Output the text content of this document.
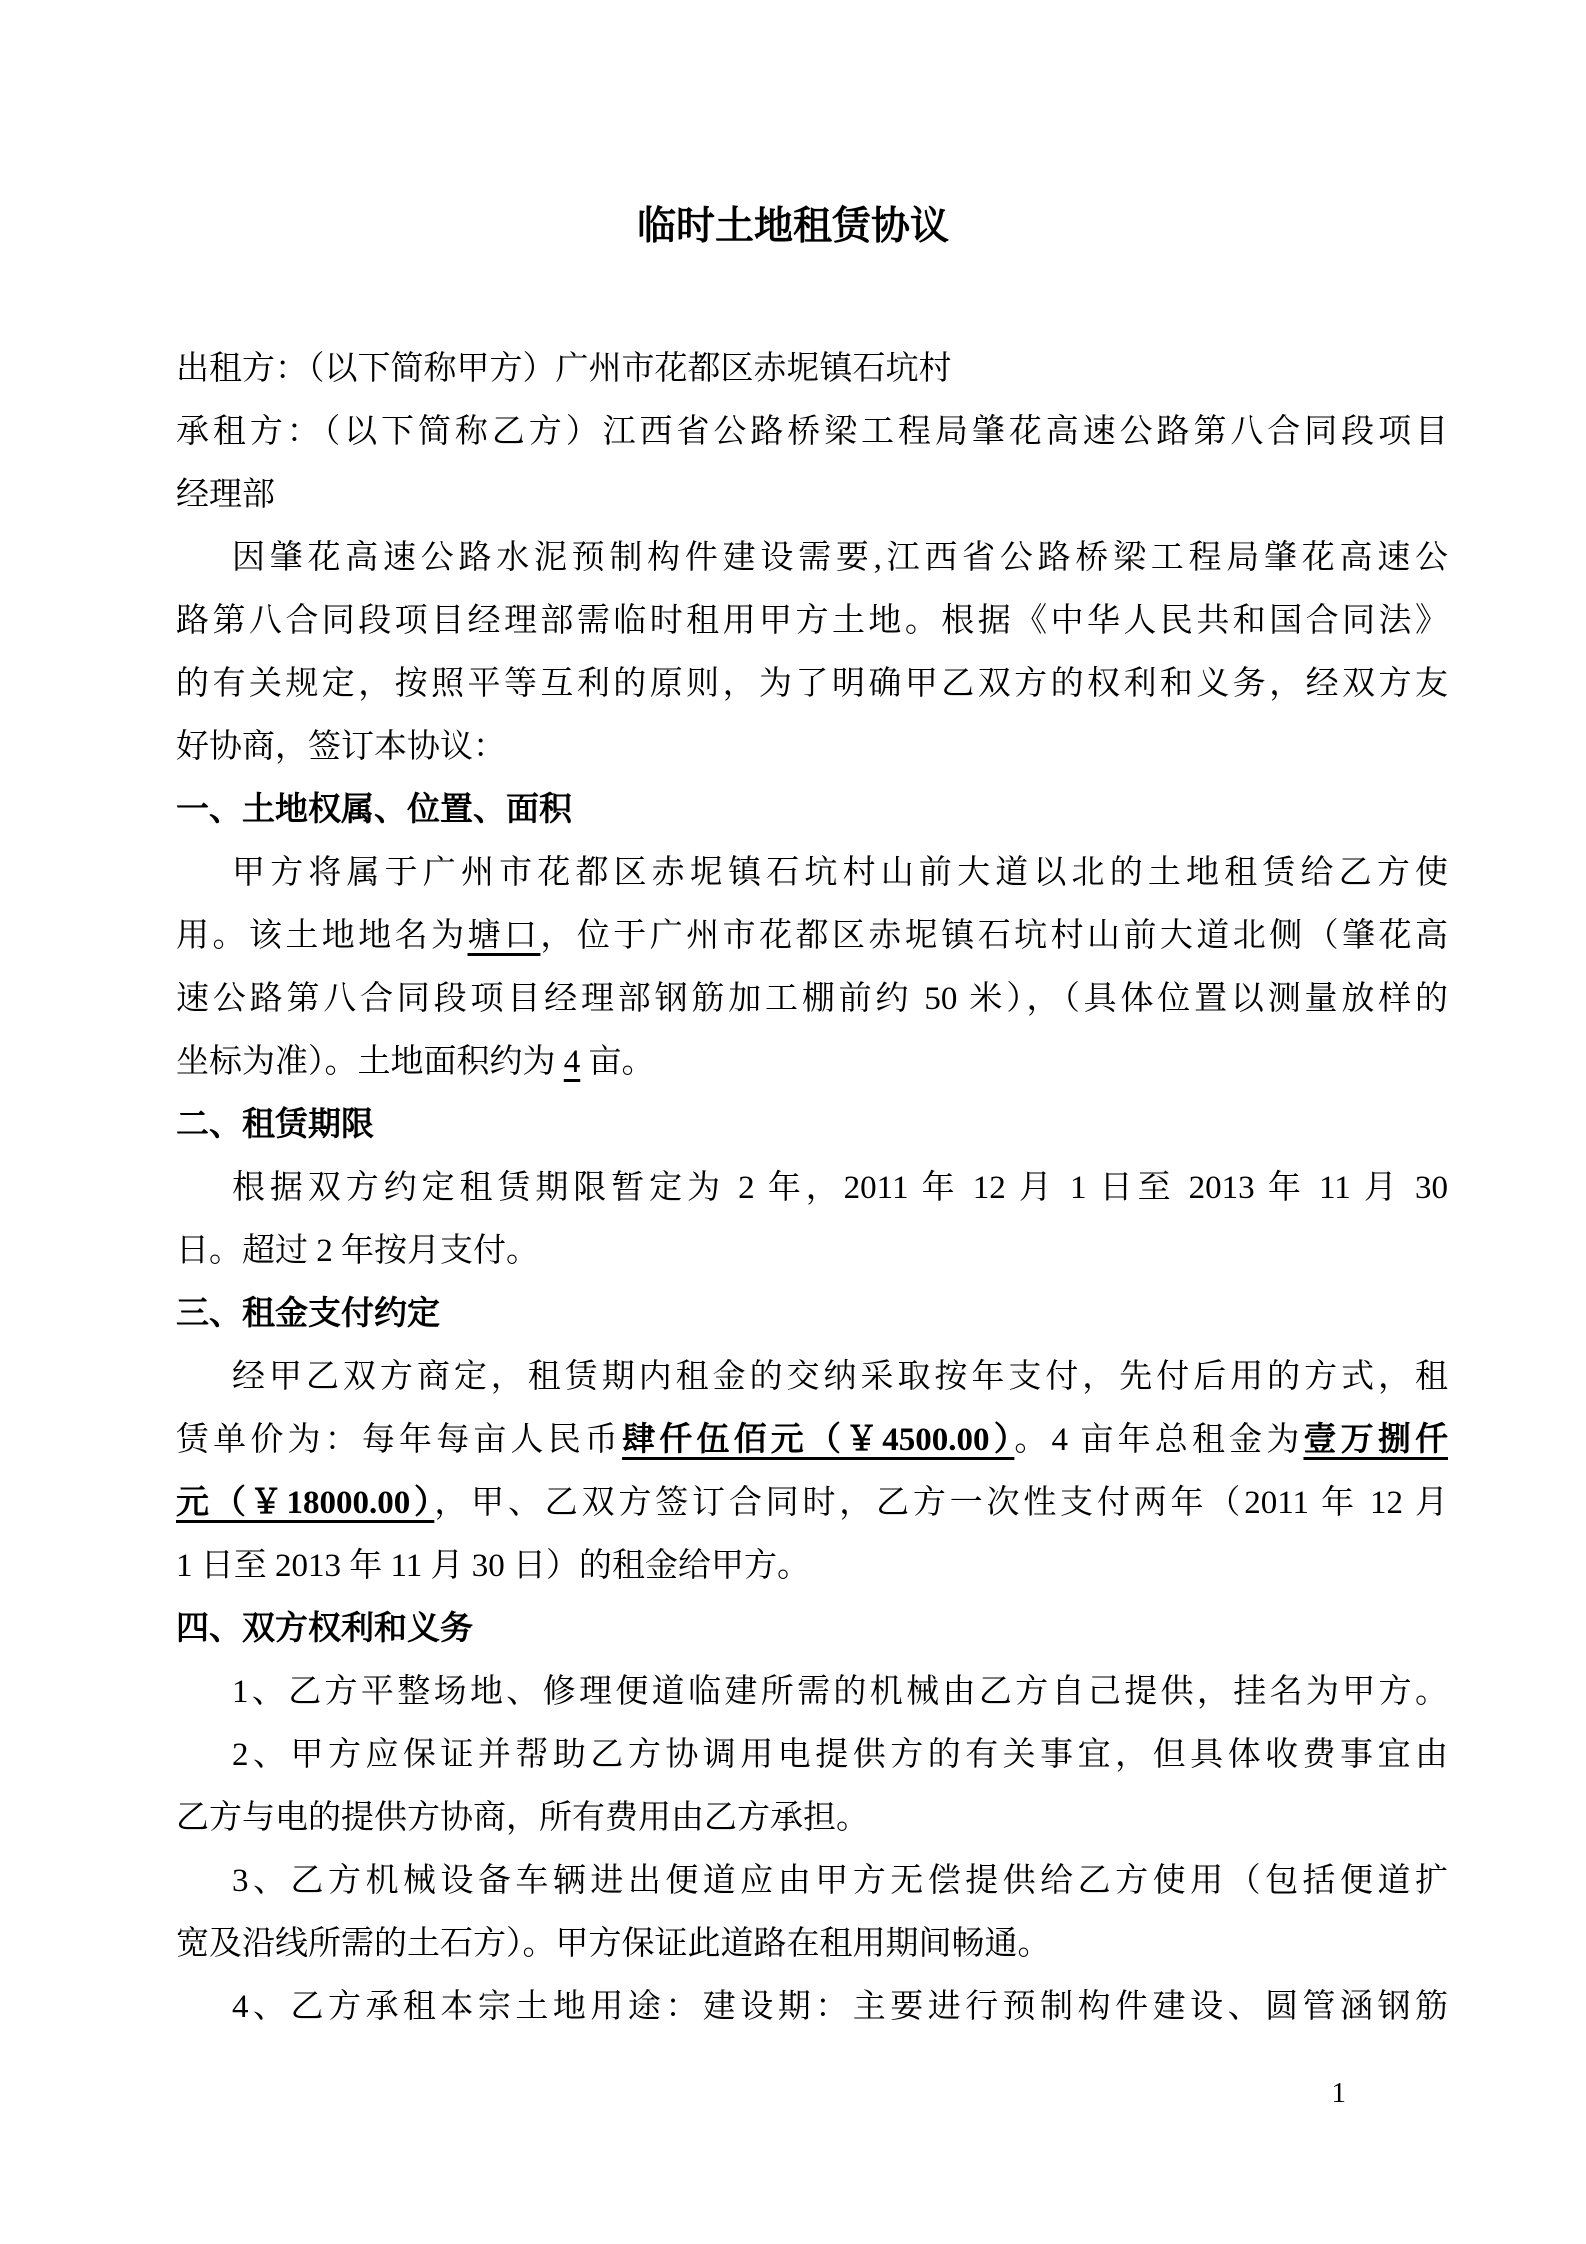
临时土地租赁协议
出租方：（以下简称甲方）广州市花都区赤坭镇石坑村
承租方：（以下简称乙方）江西省公路桥梁工程局肇花高速公路第八合同段项目
经理部
因肇花高速公路水泥预制构件建设需要,江西省公路桥梁工程局肇花高速公
路第八合同段项目经理部需临时租用甲方土地。根据《中华人民共和国合同法》
的有关规定，按照平等互利的原则，为了明确甲乙双方的权利和义务，经双方友
好协商，签订本协议：
一、土地权属、位置、面积
甲方将属于广州市花都区赤坭镇石坑村山前大道以北的土地租赁给乙方使
用。该土地地名为塘口，位于广州市花都区赤坭镇石坑村山前大道北侧（肇花高
速公路第八合同段项目经理部钢筋加工棚前约 50 米），（具体位置以测量放样的
坐标为准）。土地面积约为 4 亩。
二、租赁期限
根据双方约定租赁期限暂定为 2 年，2011 年 12 月 1 日至 2013 年 11 月 30
日。超过 2 年按月支付。
三、租金支付约定
经甲乙双方商定，租赁期内租金的交纳采取按年支付，先付后用的方式，租
赁单价为：每年每亩人民币肆仟伍佰元（￥4500.00）。4 亩年总租金为壹万捌仟
元（￥18000.00），甲、乙双方签订合同时，乙方一次性支付两年（2011 年 12 月
1 日至 2013 年 11 月 30 日）的租金给甲方。
四、双方权利和义务
1、乙方平整场地、修理便道临建所需的机械由乙方自己提供，挂名为甲方。
2、甲方应保证并帮助乙方协调用电提供方的有关事宜，但具体收费事宜由
乙方与电的提供方协商，所有费用由乙方承担。
3、乙方机械设备车辆进出便道应由甲方无偿提供给乙方使用（包括便道扩
宽及沿线所需的土石方）。甲方保证此道路在租用期间畅通。
4、乙方承租本宗土地用途：建设期：主要进行预制构件建设、圆管涵钢筋
1
